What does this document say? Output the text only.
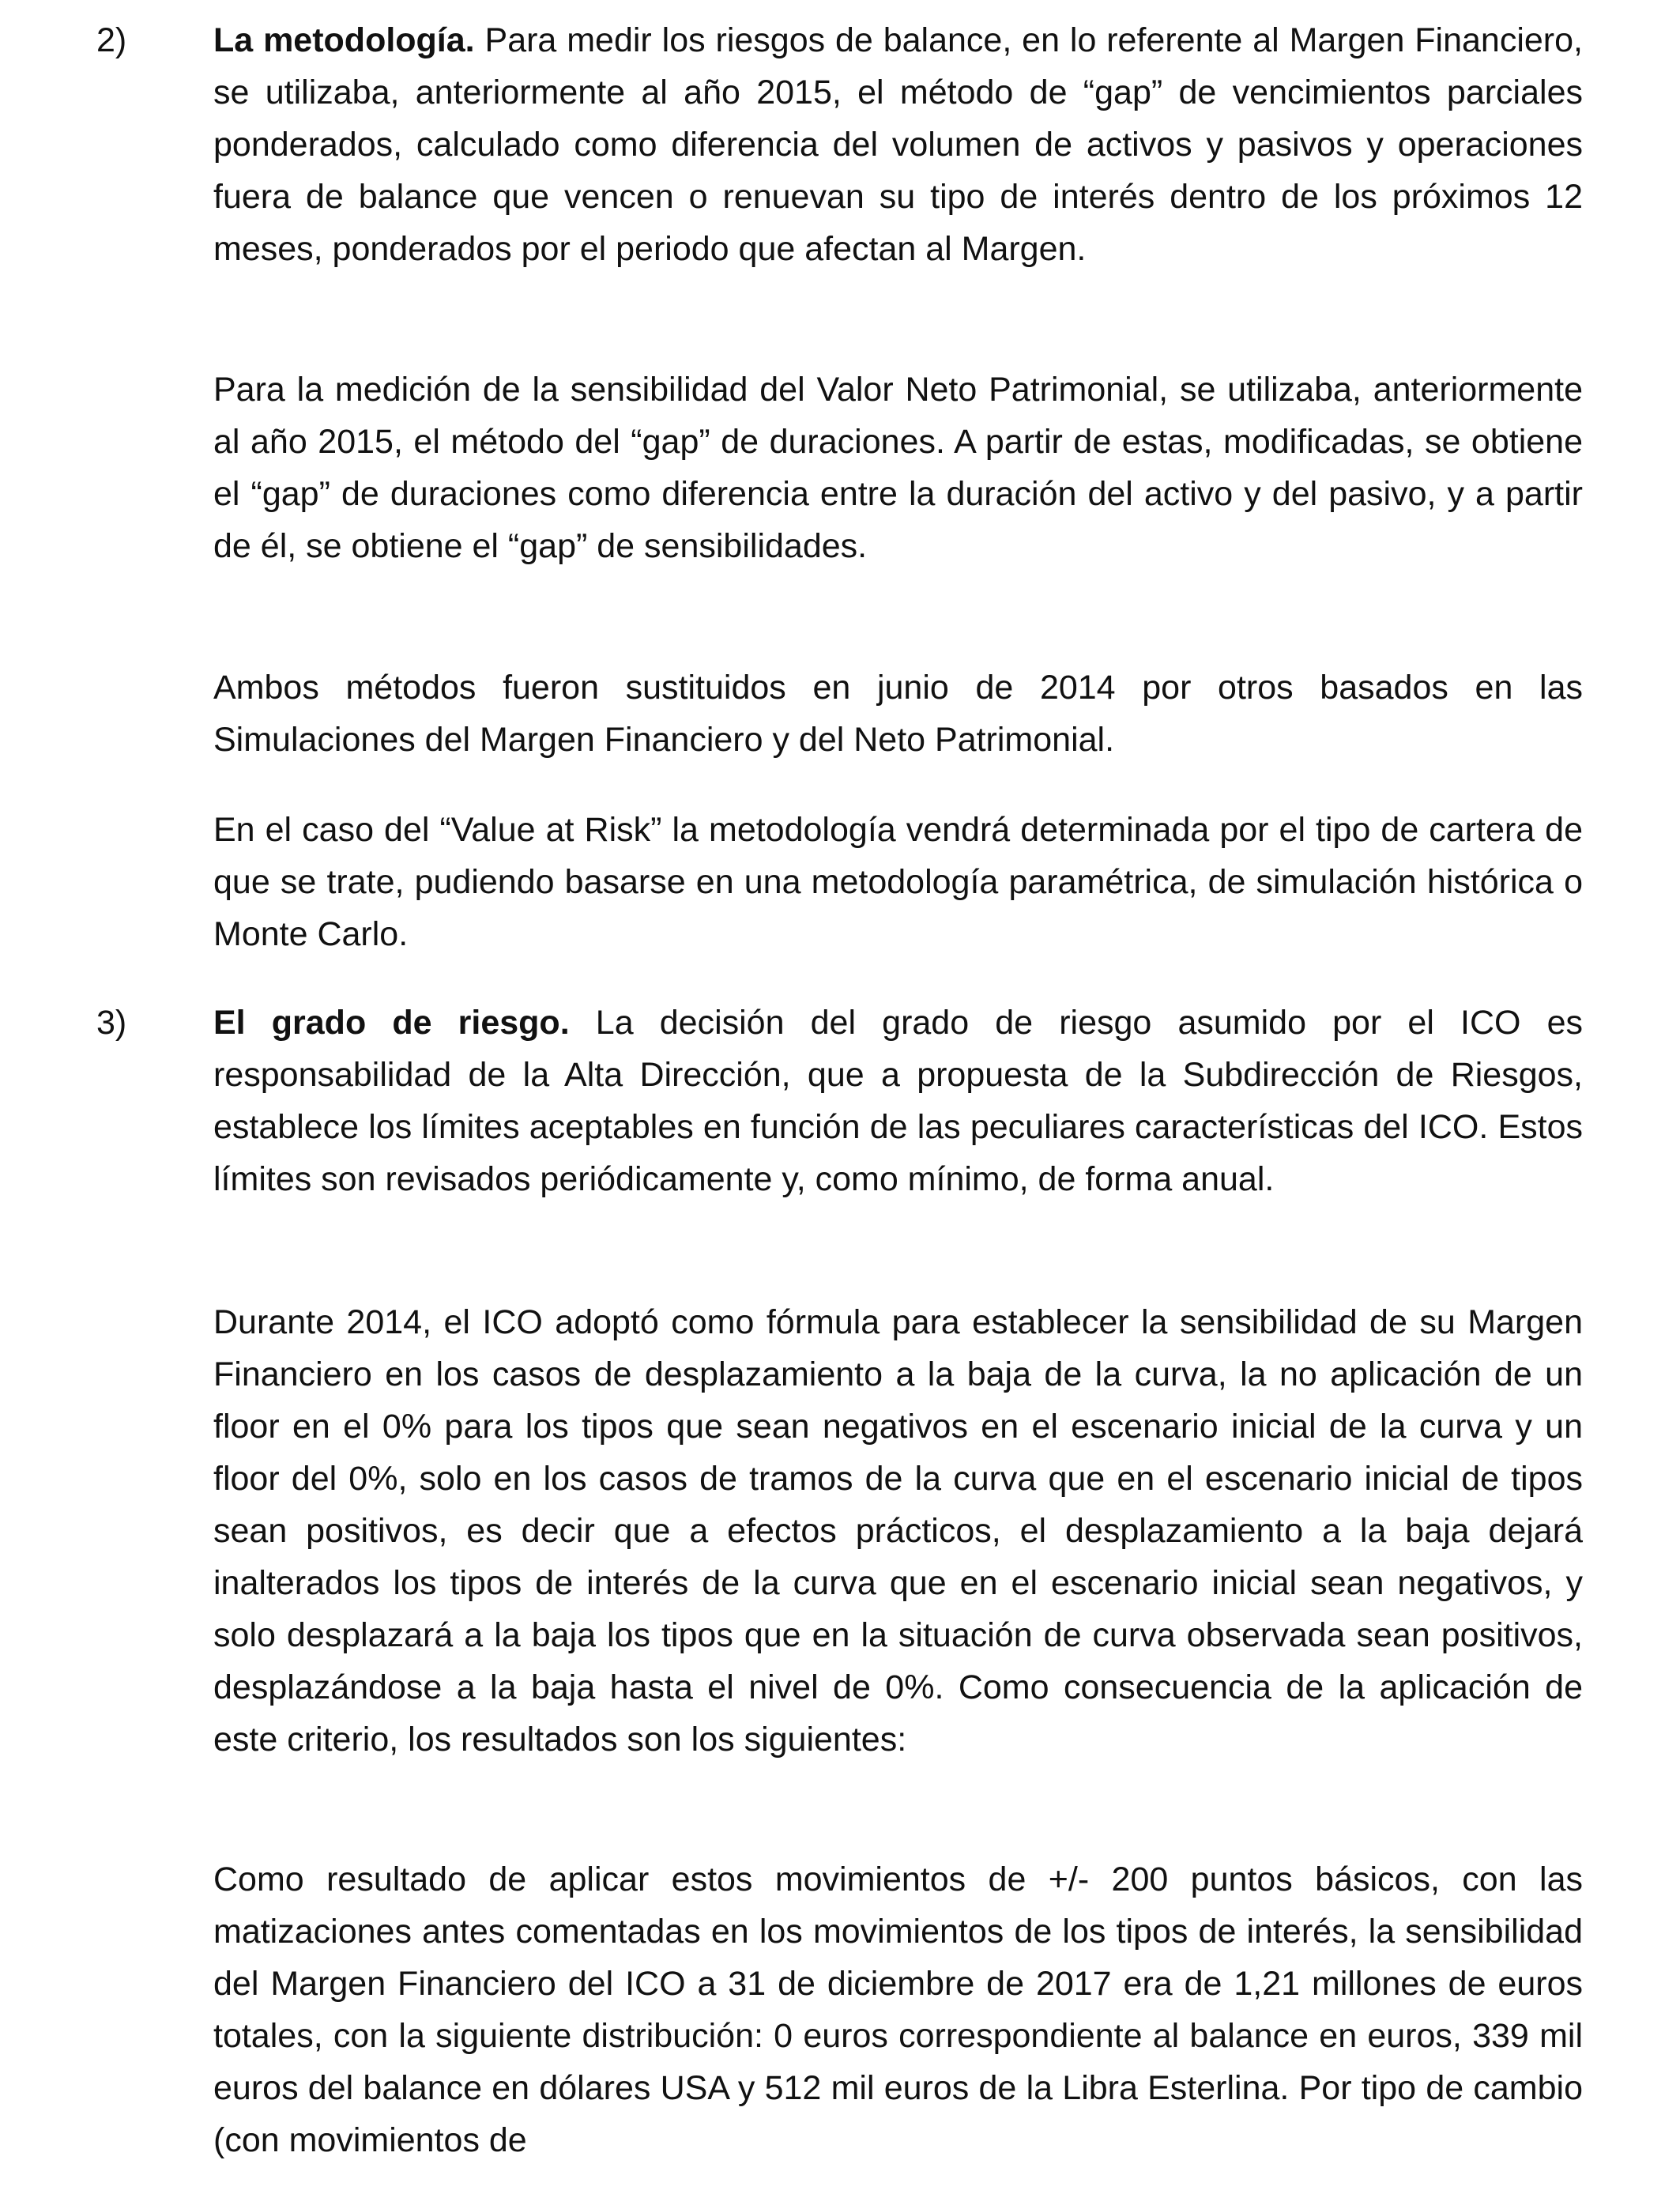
2)	La metodología. Para medir los riesgos de balance, en lo referente al Margen Financiero, se utilizaba, anteriormente al año 2015, el método de “gap” de vencimientos parciales ponderados, calculado como diferencia del volumen de activos y pasivos y operaciones fuera de balance que vencen o renuevan su tipo de interés dentro de los próximos 12 meses, ponderados por el periodo que afectan al Margen.

Para la medición de la sensibilidad del Valor Neto Patrimonial, se utilizaba, anteriormente al año 2015, el método del “gap” de duraciones. A partir de estas, modificadas, se obtiene el “gap” de duraciones como diferencia entre la duración del activo y del pasivo, y a partir de él, se obtiene el “gap” de sensibilidades.

Ambos métodos fueron sustituidos en junio de 2014 por otros basados en las Simulaciones del Margen Financiero y del Neto Patrimonial.

En el caso del “Value at Risk” la metodología vendrá determinada por el tipo de cartera de que se trate, pudiendo basarse en una metodología paramétrica, de simulación histórica o Monte Carlo.

3)	El grado de riesgo. La decisión del grado de riesgo asumido por el ICO es responsabilidad de la Alta Dirección, que a propuesta de la Subdirección de Riesgos, establece los límites aceptables en función de las peculiares características del ICO. Estos límites son revisados periódicamente y, como mínimo, de forma anual.

Durante 2014, el ICO adoptó como fórmula para establecer la sensibilidad de su Margen Financiero en los casos de desplazamiento a la baja de la curva, la no aplicación de un floor en el 0% para los tipos que sean negativos en el escenario inicial de la curva y un floor del 0%, solo en los casos de tramos de la curva que en el escenario inicial de tipos sean positivos, es decir que a efectos prácticos, el desplazamiento a la baja dejará inalterados los tipos de interés de la curva que en el escenario inicial sean negativos, y solo desplazará a la baja los tipos que en la situación de curva observada sean positivos, desplazándose a la baja hasta el nivel de 0%. Como consecuencia de la aplicación de este criterio, los resultados son los siguientes:

Como resultado de aplicar estos movimientos de +/- 200 puntos básicos, con las matizaciones antes comentadas en los movimientos de los tipos de interés, la sensibilidad del Margen Financiero del ICO a 31 de diciembre de 2017 era de 1,21 millones de euros totales, con la siguiente distribución: 0 euros correspondiente al balance en euros, 339 mil euros del balance en dólares USA y 512 mil euros de la Libra Esterlina. Por tipo de cambio (con movimientos de
